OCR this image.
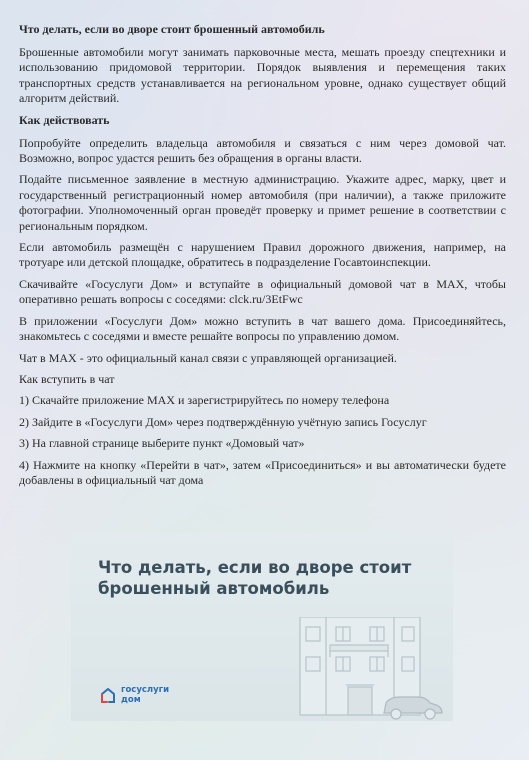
Что делать, если во дворе стоит брошенный автомобиль

Брошенные автомобили могут занимать парковочные места, мешать проезду спецтехники и использованию придомовой территории. Порядок выявления и перемещения таких транспортных средств устанавливается на региональном уровне, однако существует общий алгоритм действий.

Как действовать

Попробуйте определить владельца автомобиля и связаться с ним через домовой чат. Возможно, вопрос удастся решить без обращения в органы власти.

Подайте письменное заявление в местную администрацию. Укажите адрес, марку, цвет и государственный регистрационный номер автомобиля (при наличии), а также приложите фотографии. Уполномоченный орган проведёт проверку и примет решение в соответствии с региональным порядком.

Если автомобиль размещён с нарушением Правил дорожного движения, например, на тротуаре или детской площадке, обратитесь в подразделение Госавтоинспекции.

Скачивайте «Госуслуги Дом» и вступайте в официальный домовой чат в MAX, чтобы оперативно решать вопросы с соседями: clck.ru/3EtFwc

В приложении «Госуслуги Дом» можно вступить в чат вашего дома. Присоединяйтесь, знакомьтесь с соседями и вместе решайте вопросы по управлению домом.

Чат в MAX - это официальный канал связи с управляющей организацией.

Как вступить в чат

1) Скачайте приложение MAX и зарегистрируйтесь по номеру телефона

2) Зайдите в «Госуслуги Дом» через подтверждённую учётную запись Госуслуг

3) На главной странице выберите пункт «Домовый чат»

4) Нажмите на кнопку «Перейти в чат», затем «Присоединиться» и вы автоматически будете добавлены в официальный чат дома

Что делать, если во дворе стоит брошенный автомобиль

госуслуги
дом
